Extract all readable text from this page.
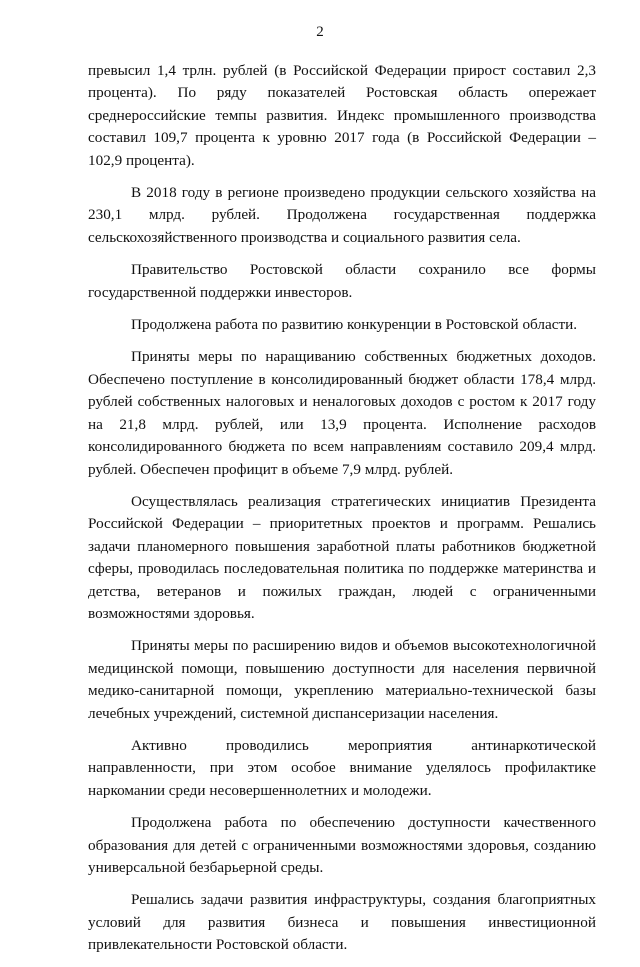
2

превысил 1,4 трлн. рублей (в Российской Федерации прирост составил 2,3 процента). По ряду показателей Ростовская область опережает среднероссийские темпы развития. Индекс промышленного производства составил 109,7 процента к уровню 2017 года (в Российской Федерации – 102,9 процента).

В 2018 году в регионе произведено продукции сельского хозяйства на 230,1 млрд. рублей. Продолжена государственная поддержка сельскохозяйственного производства и социального развития села.

Правительство Ростовской области сохранило все формы государственной поддержки инвесторов.

Продолжена работа по развитию конкуренции в Ростовской области.

Приняты меры по наращиванию собственных бюджетных доходов. Обеспечено поступление в консолидированный бюджет области 178,4 млрд. рублей собственных налоговых и неналоговых доходов с ростом к 2017 году на 21,8 млрд. рублей, или 13,9 процента. Исполнение расходов консолидированного бюджета по всем направлениям составило 209,4 млрд. рублей. Обеспечен профицит в объеме 7,9 млрд. рублей.

Осуществлялась реализация стратегических инициатив Президента Российской Федерации – приоритетных проектов и программ. Решались задачи планомерного повышения заработной платы работников бюджетной сферы, проводилась последовательная политика по поддержке материнства и детства, ветеранов и пожилых граждан, людей с ограниченными возможностями здоровья.

Приняты меры по расширению видов и объемов высокотехнологичной медицинской помощи, повышению доступности для населения первичной медико-санитарной помощи, укреплению материально-технической базы лечебных учреждений, системной диспансеризации населения.

Активно проводились мероприятия антинаркотической направленности, при этом особое внимание уделялось профилактике наркомании среди несовершеннолетних и молодежи.

Продолжена работа по обеспечению доступности качественного образования для детей с ограниченными возможностями здоровья, созданию универсальной безбарьерной среды.

Решались задачи развития инфраструктуры, создания благоприятных условий для развития бизнеса и повышения инвестиционной привлекательности Ростовской области.
